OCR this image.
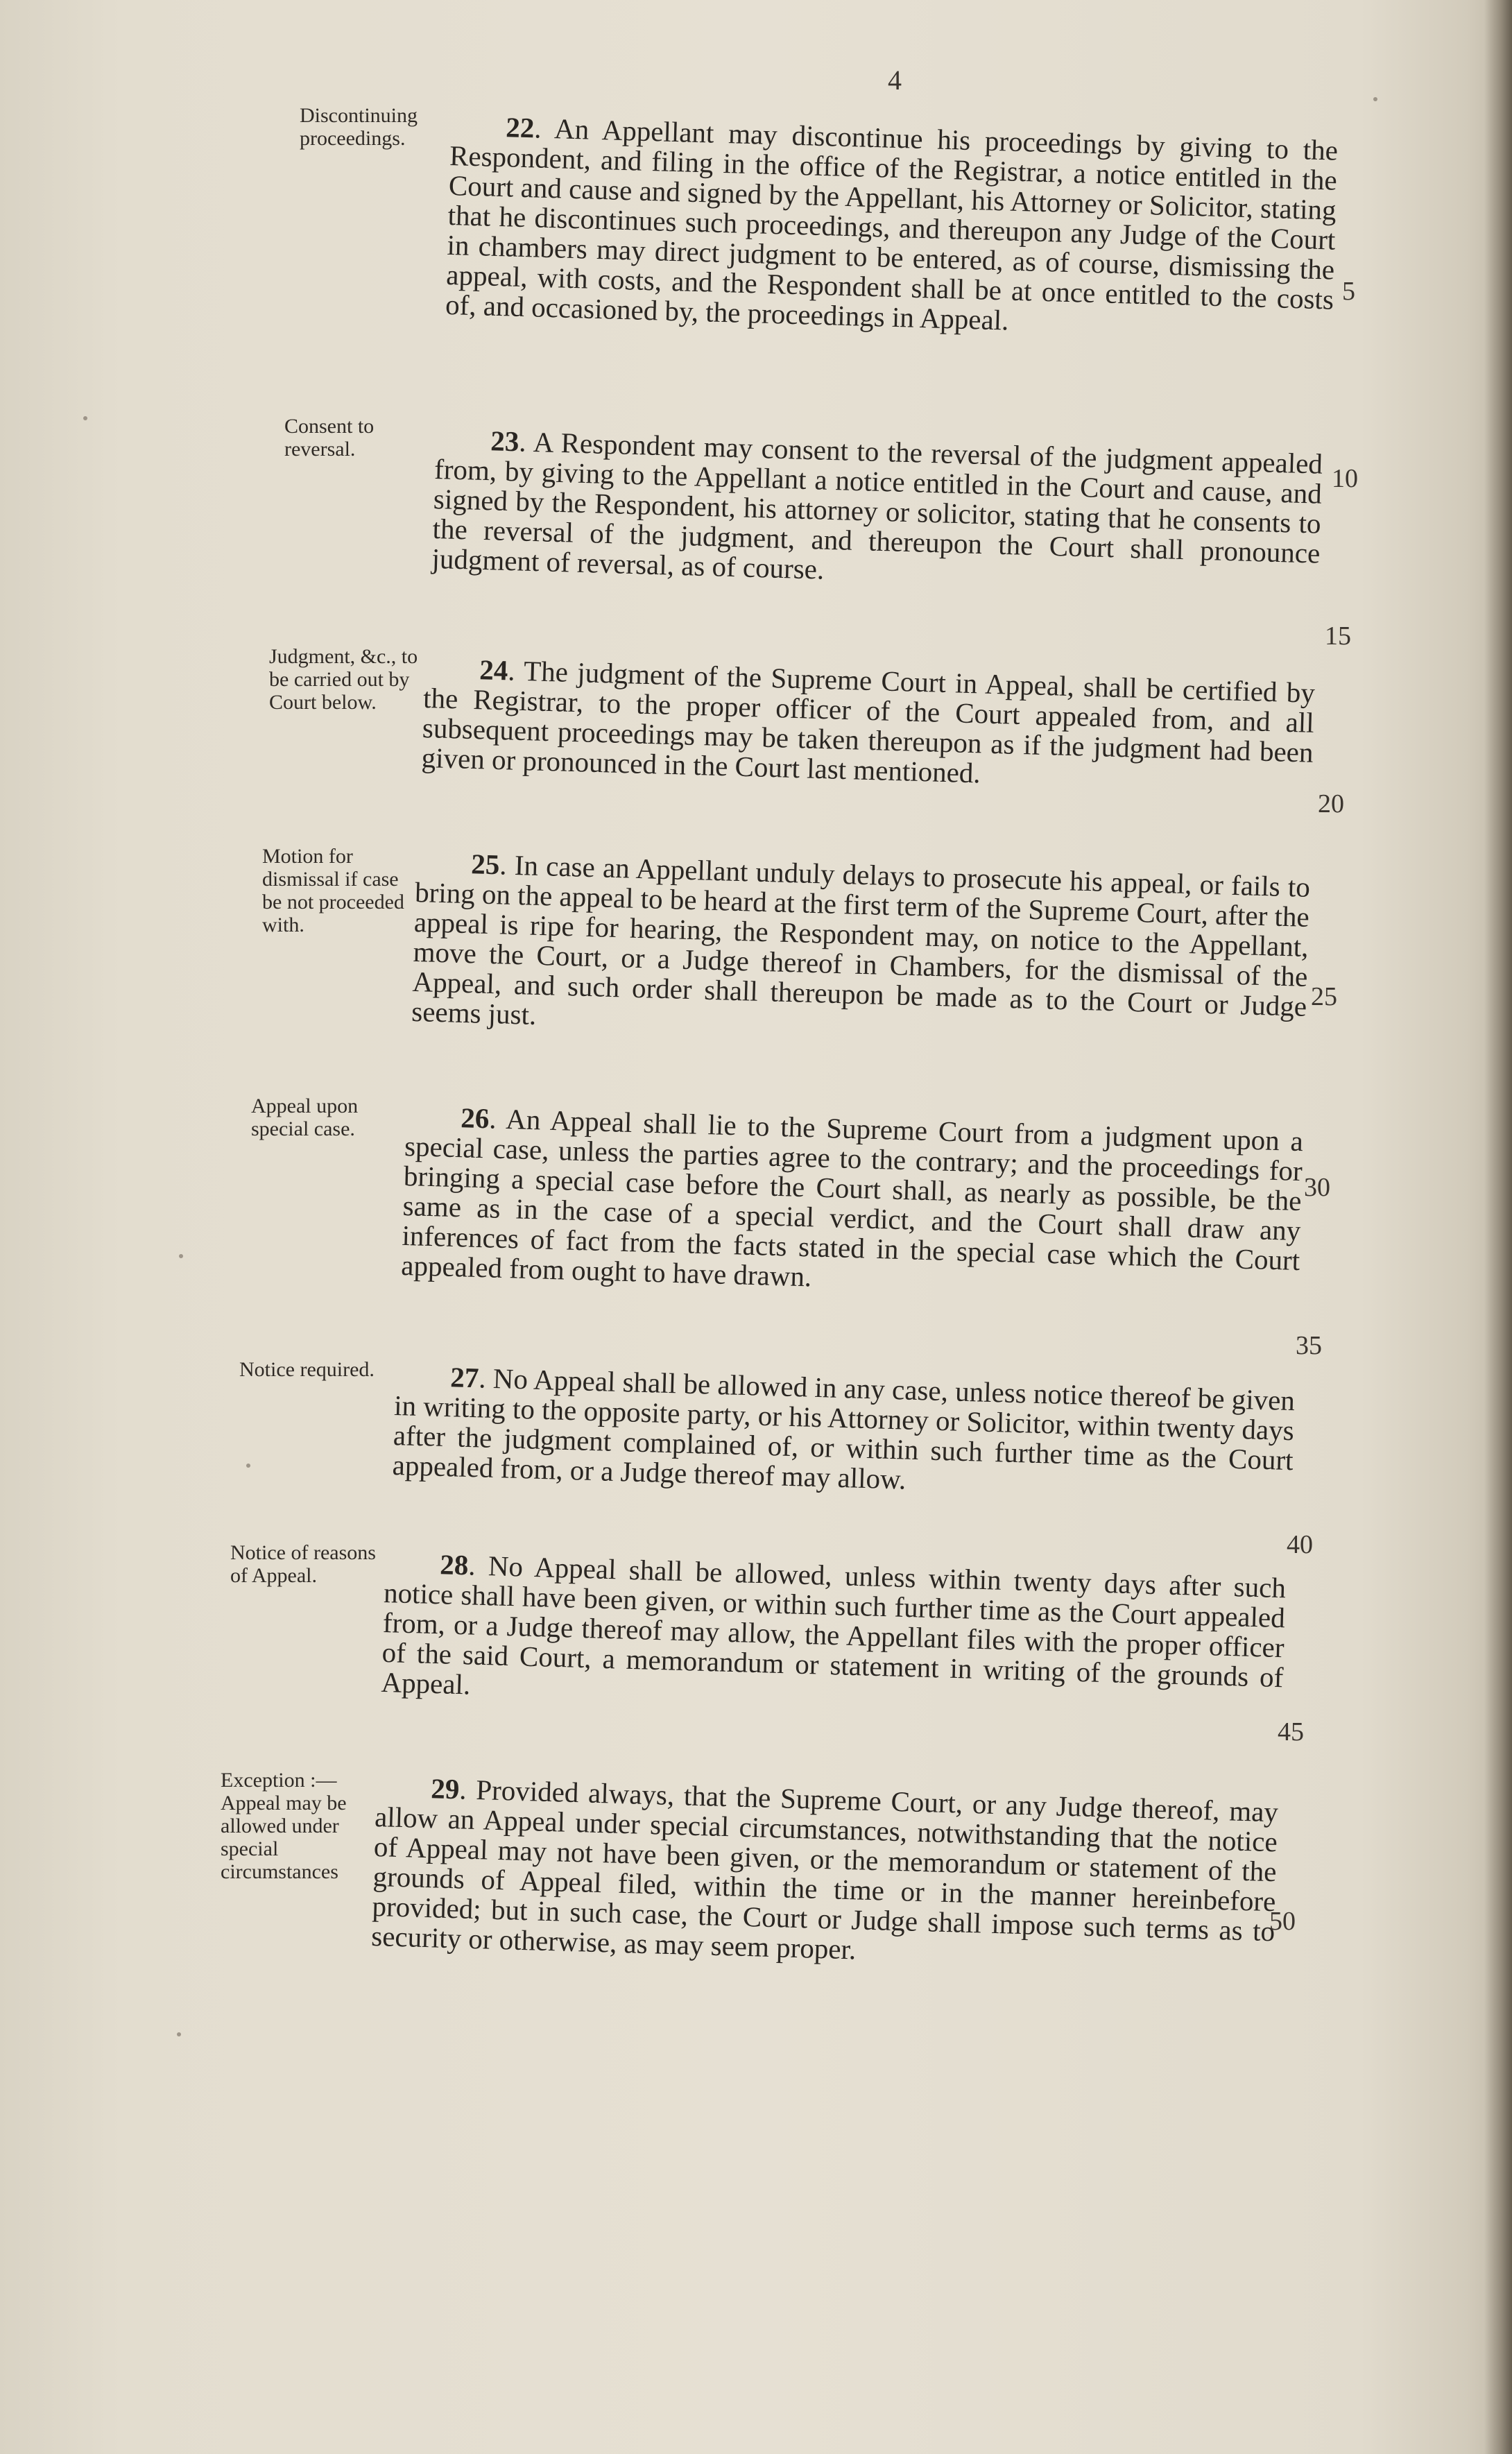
4
Discontinuing proceedings.	22. An Appellant may discontinue his proceedings by giving to the Respondent, and filing in the office of the Registrar, a notice entitled in the Court and cause and signed by the Appellant, his Attorney or Solicitor, stating that he discontinues such proceedings, and thereupon any Judge of the Court in chambers may direct judgment to be entered, as of course, dismissing the appeal, with costs, and the Respondent shall be at once entitled to the costs of, and occasioned by, the proceedings in Appeal.

Consent to reversal.	23. A Respondent may consent to the reversal of the judgment appealed from, by giving to the Appellant a notice entitled in the Court and cause, and signed by the Respondent, his attorney or solicitor, stating that he consents to the reversal of the judgment, and thereupon the Court shall pronounce judgment of reversal, as of course.

Judgment, &c., to be carried out by Court below.

24. The judgment of the Supreme Court in Appeal, shall be certified by the Registrar, to the proper officer of the Court appealed from, and all subsequent proceedings may be taken thereupon as if the judgment had been given or pronounced in the Court last mentioned.

Motion for dismissal if case be not proceeded with.

25. In case an Appellant unduly delays to prosecute his appeal, or fails to bring on the appeal to be heard at the first term of the Supreme Court, after the appeal is ripe for hearing, the Respondent may, on notice to the Appellant, move the Court, or a Judge thereof in Chambers, for the dismissal of the Appeal, and such order shall thereupon be made as to the Court or Judge seems just.

Appeal upon special case.	26. An Appeal shall lie to the Supreme Court from a judgment upon a special case, unless the parties agree to the contrary; and the proceedings for bringing a special case before the Court shall, as nearly as possible, be the same as in the case of a special verdict, and the Court shall draw any inferences of fact from the facts stated in the special case which the Court appealed from ought to have drawn.

Notice required.	27. No Appeal shall be allowed in any case, unless notice thereof be given in writing to the opposite party, or his Attorney or Solicitor, within twenty days after the judgment complained of, or within such further time as the Court appealed from, or a Judge thereof may allow.

Notice of reasons of Appeal.	28. No Appeal shall be allowed, unless within twenty days after such notice shall have been given, or within such further time as the Court appealed from, or a Judge thereof may allow, the Appellant files with the proper officer of the said Court, a memorandum or statement in writing of the grounds of Appeal.

Exception :— Appeal may be allowed under special circumstances

29. Provided always, that the Supreme Court, or any Judge thereof, may allow an Appeal under special circumstances, notwithstanding that the notice of Appeal may not have been given, or the memorandum or statement of the grounds of Appeal filed, within the time or in the manner hereinbefore provided; but in such case, the Court or Judge shall impose such terms as to security or otherwise, as may seem proper.

5
10
15
20
25
30
35
40
45
50
